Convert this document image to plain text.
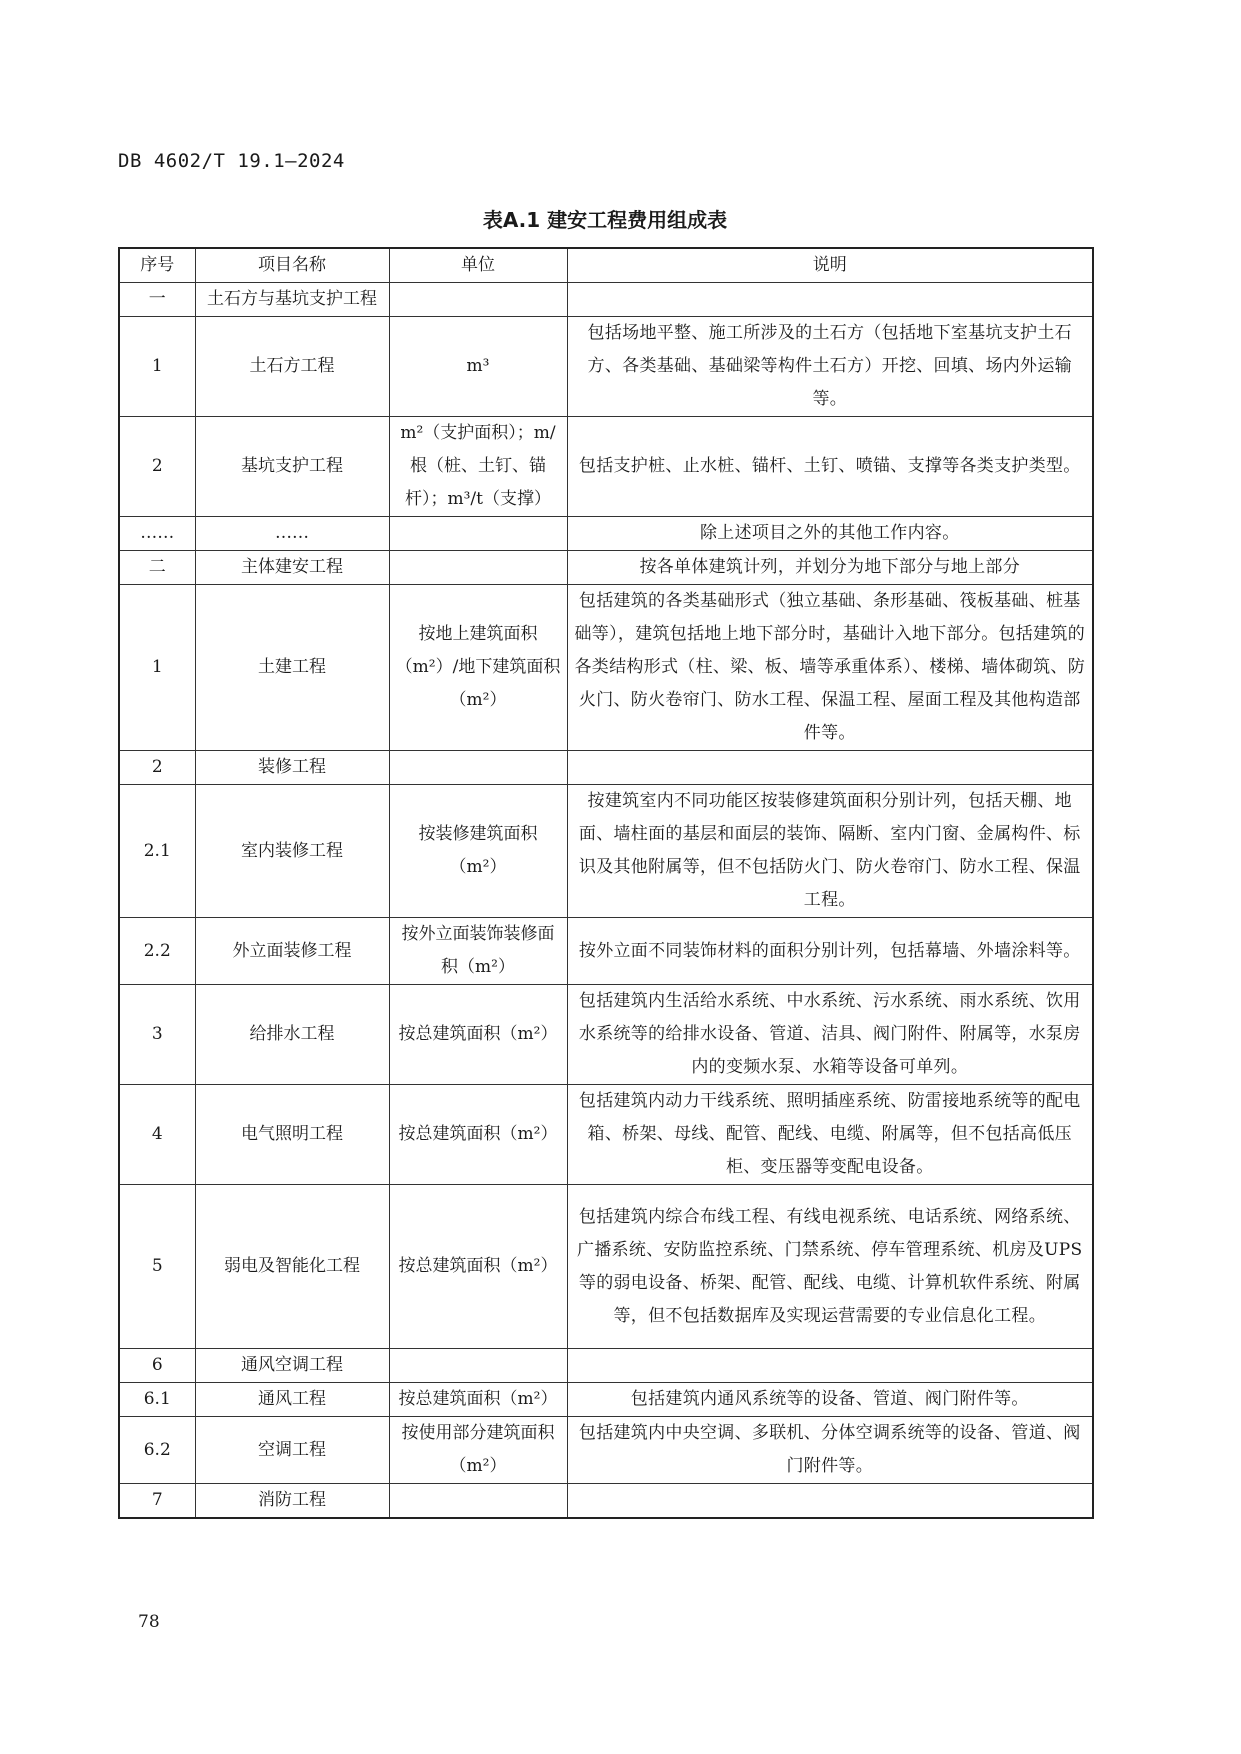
DB 4602/T 19.1—2024
表A.1 建安工程费用组成表
序号	项目名称	单位	说明
一	土石方与基坑支护工程		
1	土石方工程	m³	包括场地平整、施工所涉及的土石方（包括地下室基坑支护土石方、各类基础、基础梁等构件土石方）开挖、回填、场内外运输等。
2	基坑支护工程	m²（支护面积）；m/根（桩、土钉、锚杆）；m³/t（支撑）	包括支护桩、止水桩、锚杆、土钉、喷锚、支撑等各类支护类型。
……	……		除上述项目之外的其他工作内容。
二	主体建安工程		按各单体建筑计列，并划分为地下部分与地上部分
1	土建工程	按地上建筑面积（m²）/地下建筑面积（m²）	包括建筑的各类基础形式（独立基础、条形基础、筏板基础、桩基础等），建筑包括地上地下部分时，基础计入地下部分。包括建筑的各类结构形式（柱、梁、板、墙等承重体系）、楼梯、墙体砌筑、防火门、防火卷帘门、防水工程、保温工程、屋面工程及其他构造部件等。
2	装修工程		
2.1	室内装修工程	按装修建筑面积（m²）	按建筑室内不同功能区按装修建筑面积分别计列，包括天棚、地面、墙柱面的基层和面层的装饰、隔断、室内门窗、金属构件、标识及其他附属等，但不包括防火门、防火卷帘门、防水工程、保温工程。
2.2	外立面装修工程	按外立面装饰装修面积（m²）	按外立面不同装饰材料的面积分别计列，包括幕墙、外墙涂料等。
3	给排水工程	按总建筑面积（m²）	包括建筑内生活给水系统、中水系统、污水系统、雨水系统、饮用水系统等的给排水设备、管道、洁具、阀门附件、附属等，水泵房内的变频水泵、水箱等设备可单列。
4	电气照明工程	按总建筑面积（m²）	包括建筑内动力干线系统、照明插座系统、防雷接地系统等的配电箱、桥架、母线、配管、配线、电缆、附属等，但不包括高低压柜、变压器等变配电设备。
5	弱电及智能化工程	按总建筑面积（m²）	包括建筑内综合布线工程、有线电视系统、电话系统、网络系统、广播系统、安防监控系统、门禁系统、停车管理系统、机房及UPS等的弱电设备、桥架、配管、配线、电缆、计算机软件系统、附属等，但不包括数据库及实现运营需要的专业信息化工程。
6	通风空调工程		
6.1	通风工程	按总建筑面积（m²）	包括建筑内通风系统等的设备、管道、阀门附件等。
6.2	空调工程	按使用部分建筑面积（m²）	包括建筑内中央空调、多联机、分体空调系统等的设备、管道、阀门附件等。
7	消防工程		
78
